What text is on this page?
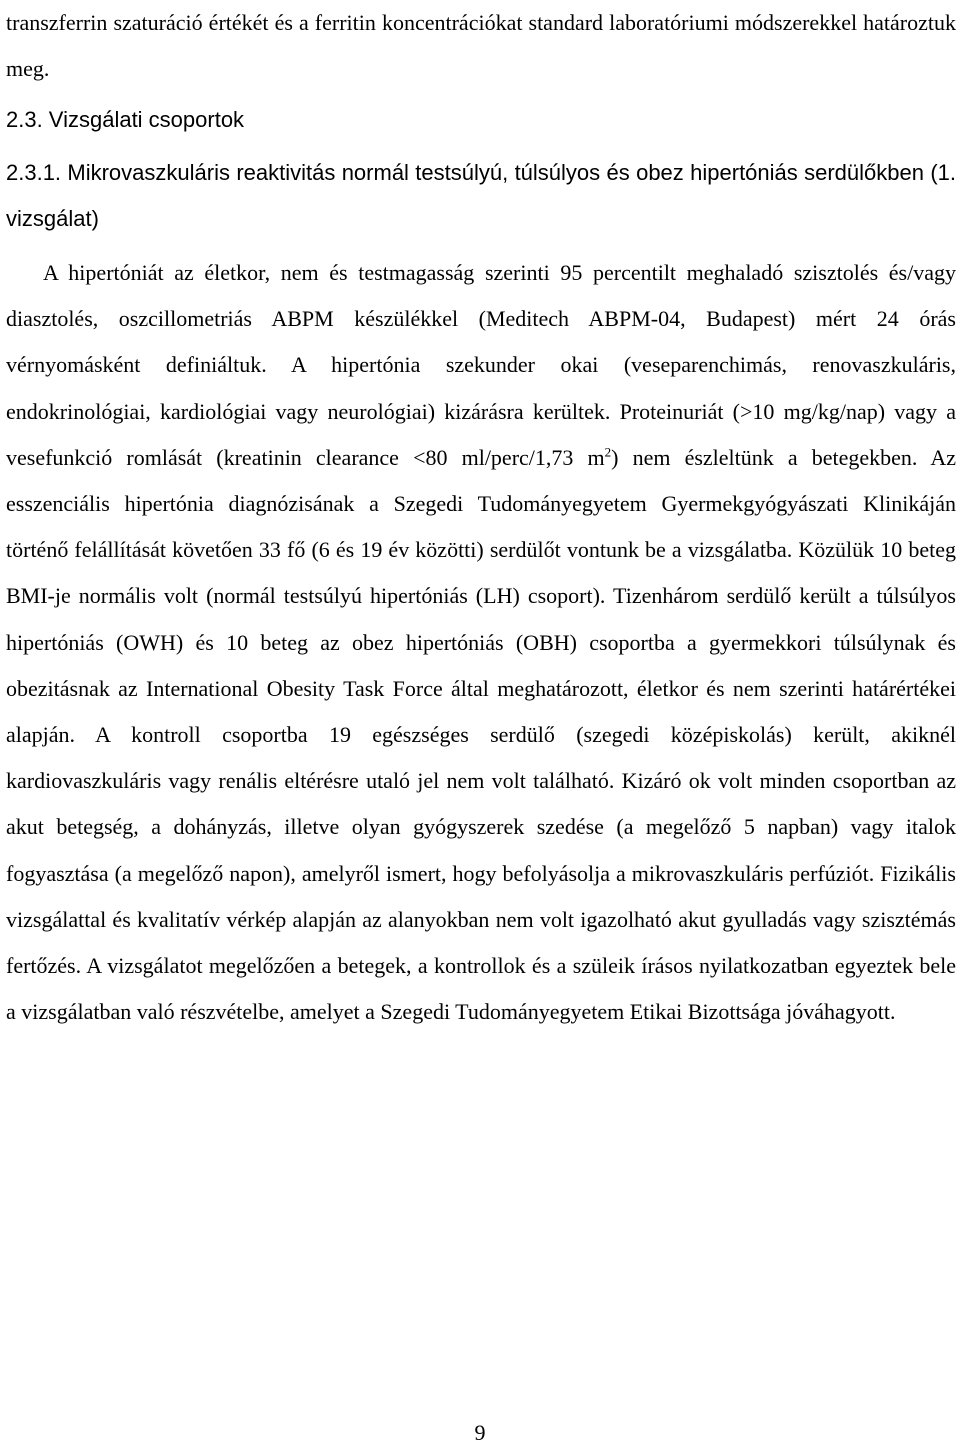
transzferrin szaturáció értékét és a ferritin koncentrációkat standard laboratóriumi módszerekkel határoztuk meg.

2.3. Vizsgálati csoportok
2.3.1. Mikrovaszkuláris reaktivitás normál testsúlyú, túlsúlyos és obez hipertóniás serdülőkben (1. vizsgálat)

A hipertóniát az életkor, nem és testmagasság szerinti 95 percentilt meghaladó szisztolés és/vagy diasztolés, oszcillometriás ABPM készülékkel (Meditech ABPM-04, Budapest) mért 24 órás vérnyomásként definiáltuk. A hipertónia szekunder okai (veseparenchimás, renovaszkuláris, endokrinológiai, kardiológiai vagy neurológiai) kizárásra kerültek. Proteinuriát (>10 mg/kg/nap) vagy a vesefunkció romlását (kreatinin clearance <80 ml/perc/1,73 $m^2$) nem észleltünk a betegekben. Az esszenciális hipertónia diagnózisának a Szegedi Tudományegyetem Gyermekgyógyászati Klinikáján történő felállítását követően 33 fő (6 és 19 év közötti) serdülőt vontunk be a vizsgálatba. Közülük 10 beteg BMI-je normális volt (normál testsúlyú hipertóniás (LH) csoport). Tizenhárom serdülő került a túlsúlyos hipertóniás (OWH) és 10 beteg az obez hipertóniás (OBH) csoportba a gyermekkori túlsúlynak és obezitásnak az International Obesity Task Force által meghatározott, életkor és nem szerinti határértékei alapján. A kontroll csoportba 19 egészséges serdülő (szegedi középiskolás) került, akiknél kardiovaszkuláris vagy renális eltérésre utaló jel nem volt található. Kizáró ok volt minden csoportban az akut betegség, a dohányzás, illetve olyan gyógyszerek szedése (a megelőző 5 napban) vagy italok fogyasztása (a megelőző napon), amelyről ismert, hogy befolyásolja a mikrovaszkuláris perfúziót. Fizikális vizsgálattal és kvalitatív vérkép alapján az alanyokban nem volt igazolható akut gyulladás vagy szisztémás fertőzés. A vizsgálatot megelőzően a betegek, a kontrollok és a szüleik írásos nyilatkozatban egyeztek bele a vizsgálatban való részvételbe, amelyet a Szegedi Tudományegyetem Etikai Bizottsága jóváhagyott.

9
